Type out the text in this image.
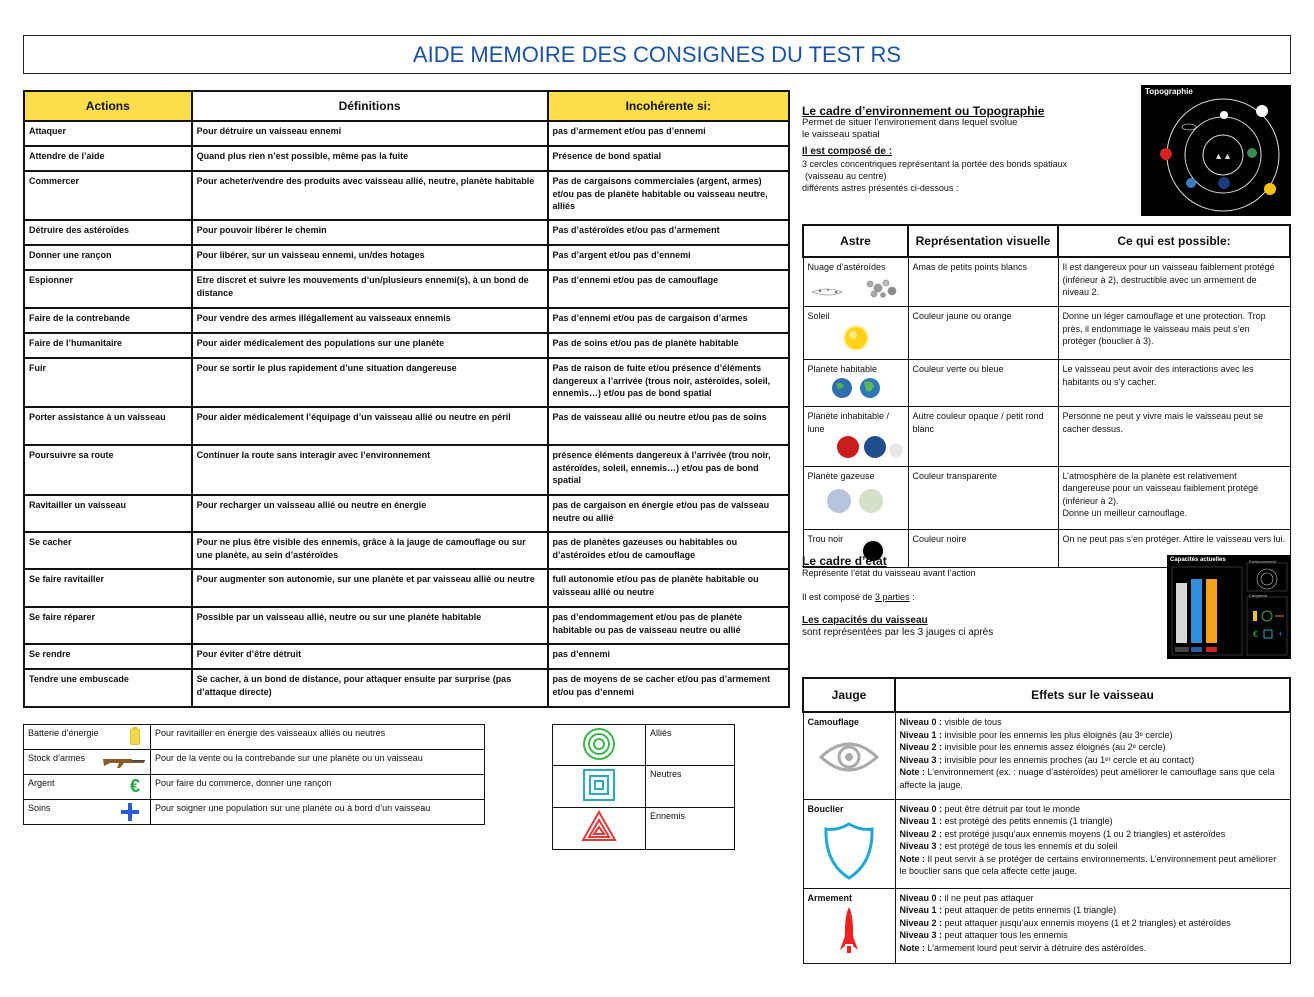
AIDE MEMOIRE DES CONSIGNES DU TEST RS
Actions	Définitions	Incohérente si:
Attaquer	Pour détruire un vaisseau ennemi	pas d’armement et/ou pas d’ennemi
Attendre de l’aide	Quand plus rien n’est possible, même pas la fuite	Présence de bond spatial
Commercer	Pour acheter/vendre des produits avec vaisseau allié, neutre, planète habitable	Pas de cargaisons commerciales (argent, armes) et/ou pas de planète habitable ou vaisseau neutre, alliés
Détruire des astéroïdes	Pour pouvoir libérer le chemin	Pas d’astéroïdes et/ou pas d’armement
Donner une rançon	Pour libérer, sur un vaisseau ennemi, un/des hotages	Pas d’argent et/ou pas d’ennemi
Espionner	Etre discret et suivre les mouvements d’un/plusieurs ennemi(s), à un bond de distance	Pas d’ennemi et/ou pas de camouflage
Faire de la contrebande	Pour vendre des armes illégallement au vaisseaux ennemis	Pas d’ennemi et/ou pas de cargaison d’armes
Faire de l’humanitaire	Pour aider médicalement des populations sur une planète	Pas de soins et/ou pas de planète habitable
Fuir	Pour se sortir le plus rapidement d’une situation dangereuse	Pas de raison de fuite et/ou présence d’éléments dangereux a l’arrivée (trous noir, astéroïdes, soleil, ennemis…) et/ou pas de bond spatial
Porter assistance à un vaisseau	Pour aider médicalement l’équipage d’un vaisseau allié ou neutre en péril	Pas de vaisseau allié ou neutre et/ou pas de soins
Poursuivre sa route	Continuer la route sans interagir avec l’environnement	présence éléments dangereux à l’arrivée (trou noir, astéroïdes, soleil, ennemis…) et/ou pas de bond spatial
Ravitailler un vaisseau	Pour recharger un vaisseau allié ou neutre en énergie	pas de cargaison en énergie et/ou pas de vaisseau neutre ou allié
Se cacher	Pour ne plus être visible des ennemis, grâce à la jauge de camouflage ou sur une planète, au sein d’astéroïdes	pas de planètes gazeuses ou habitables ou d’astéroïdes et/ou de camouflage
Se faire ravitailler	Pour augmenter son autonomie, sur une planète et par vaisseau allié ou neutre	full autonomie et/ou pas de planète habitable ou vaisseau allié ou neutre
Se faire réparer	Possible par un vaisseau allié, neutre ou sur une planète habitable	pas d’endommagement et/ou pas de planète habitable ou pas de vaisseau neutre ou allié
Se rendre	Pour éviter d’être détruit	pas d’ennemi
Tendre une embuscade	Se cacher, à un bond de distance, pour attaquer ensuite par surprise (pas d’attaque directe)	pas de moyens de se cacher et/ou pas d’armement et/ou pas d’ennemi
Batterie d’énergie	Pour ravitailler en énergie des vaisseaux alliés ou neutres
Stock d’armes	Pour de la vente ou la contrebande sur une planète ou un vaisseau
Argent €	Pour faire du commerce, donner une rançon
Soins	Pour soigner une population sur une planète ou à bord d’un vaisseau
	Alliés
	Neutres
	Ennemis
Le cadre d’environnement ou Topographie
Permet de situer l’environement dans lequel svolue
le vaisseau spatial
Il est composé de :
3 cercles concentriques représentant la portée des bonds spatiaux
(vaisseau au centre)
différents astres présentés ci-dessous :
Topographie
▲▲
Astre	Représentation visuelle	Ce qui est possible:

Nuage d’astéroïdes	Amas de petits points blancs	Il est dangereux pour un vaisseau faiblement protégé (inférieur à 2), destructible avec un armement de niveau 2.

Soleil	Couleur jaune ou orange	Donne un léger camouflage et une protection. Trop près, il endommage le vaisseau mais peut s’en protéger (bouclier à 3).

Planète habitable	Couleur verte ou bleue	Le vaisseau peut avoir des interactions avec les habitants ou s’y cacher.

Planète inhabitable / lune	Autre couleur opaque / petit rond blanc	Personne ne peut y vivre mais le vaisseau peut se cacher dessus.

Planète gazeuse	Couleur transparente	L’atmosphère de la planète est relativement dangereuse pour un vaisseau faiblement protégé (inférieur à 2).
Donne un meilleur camouflage.

Trou noir	Couleur noire	On ne peut pas s’en protéger. Attire le vaisseau vers lui.
Le cadre d’état
Représente l’état du vaisseau avant l’action
Il est composé de 3 parties :
Les capacités du vaisseau
sont représentées par les 3 jauges ci après
Capacités actuelles	Environnement
Cargaison
€ +
Jauge	Effets sur le vaisseau

Camouflage	Niveau 0 : visible de tous
Niveau 1 : invisible pour les ennemis les plus éloignés (au 3ᵉ cercle)
Niveau 2 : invisible pour les ennemis assez éloignés (au 2ᵉ cercle)
Niveau 3 : invisible pour les ennemis proches (au 1ᵉʳ cercle et au contact)
Note : L’environnement (ex. : nuage d’astéroïdes) peut améliorer le camouflage sans que cela affecte la jauge.

Bouclier	Niveau 0 : peut être détruit par tout le monde
Niveau 1 : est protégé des petits ennemis (1 triangle)
Niveau 2 : est protégé jusqu’aux ennemis moyens (1 ou 2 triangles) et astéroïdes
Niveau 3 : est protégé de tous les ennemis et du soleil
Note : Il peut servir à se protéger de certains environnements. L’environnement peut améliorer le bouclier sans que cela affecte cette jauge.

Armement	Niveau 0 : il ne peut pas attaquer
Niveau 1 : peut attaquer de petits ennemis (1 triangle)
Niveau 2 : peut attaquer jusqu’aux ennemis moyens (1 et 2 triangles) et astéroïdes
Niveau 3 : peut attaquer tous les ennemis
Note : L’armement lourd peut servir à détruire des astéroïdes.
